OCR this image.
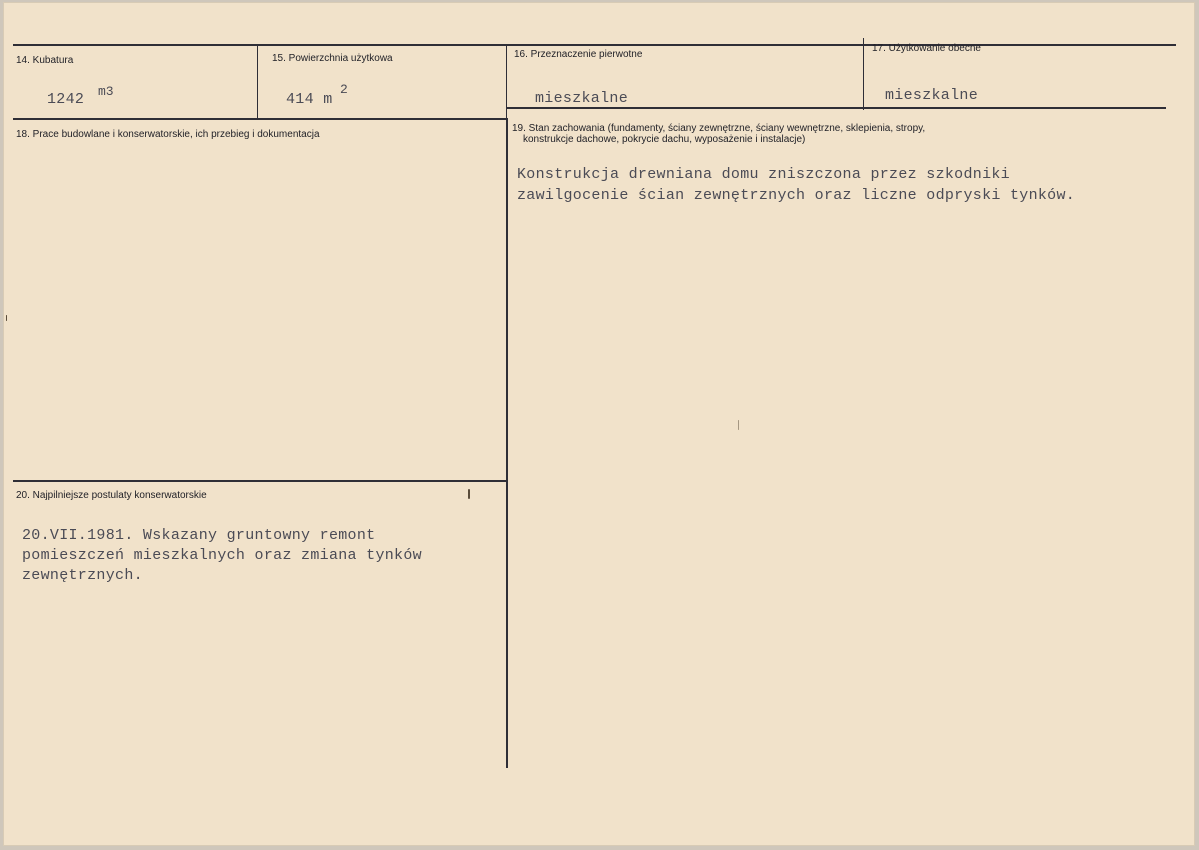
14. Kubatura
1242 m3
15. Powierzchnia użytkowa
414 m
2
16. Przeznaczenie pierwotne
mieszkalne
17. Użytkowanie obecne
mieszkalne
18. Prace budowlane i konserwatorskie, ich przebieg i dokumentacja
19. Stan zachowania (fundamenty, ściany zewnętrzne, ściany wewnętrzne, sklepienia, stropy,
konstrukcje dachowe, pokrycie dachu, wyposażenie i instalacje)
Konstrukcja drewniana domu zniszczona przez szkodniki
zawilgocenie ścian zewnętrznych oraz liczne odpryski tynków.
20. Najpilniejsze postulaty konserwatorskie
20.VII.1981. Wskazany gruntowny remont
pomieszczeń mieszkalnych oraz zmiana tynków
zewnętrznych.
